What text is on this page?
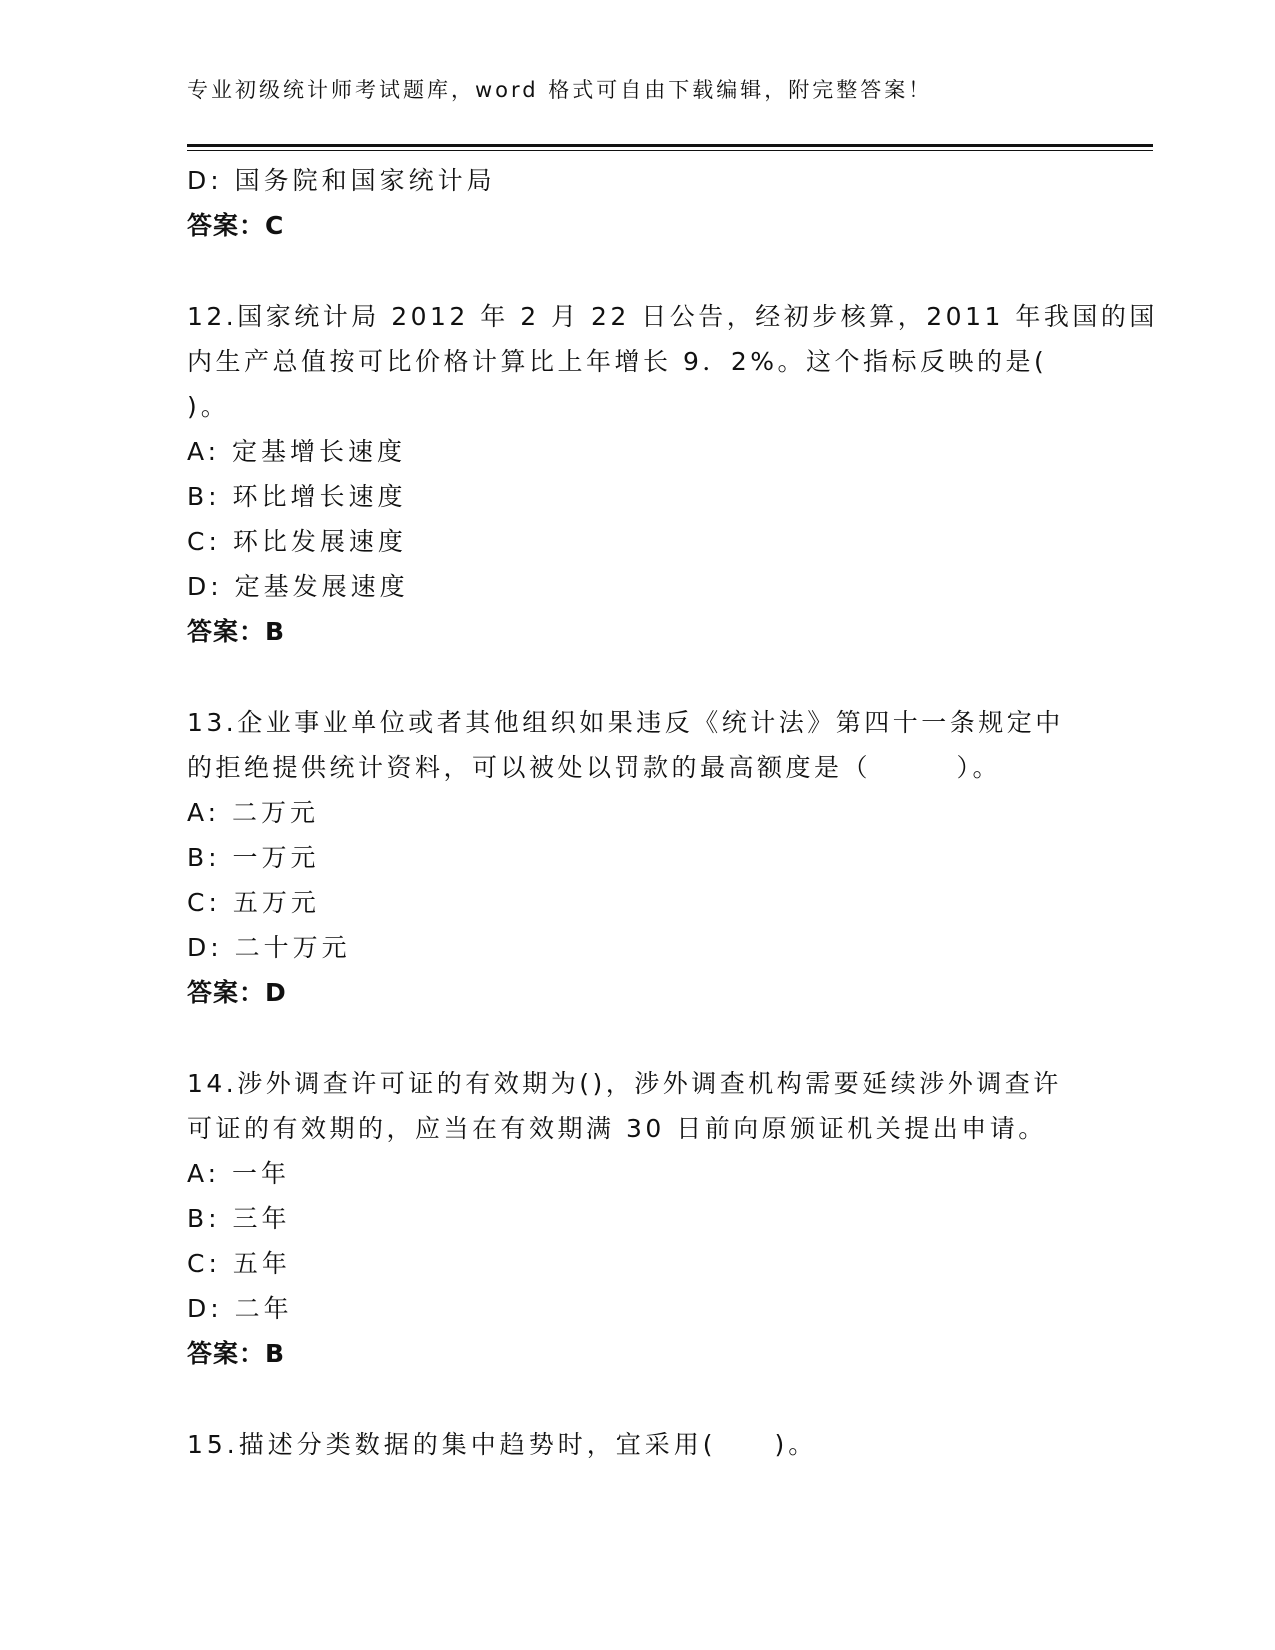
专业初级统计师考试题库，word 格式可自由下载编辑，附完整答案！
D: 国务院和国家统计局
答案：C
12.国家统计局 2012 年 2 月 22 日公告，经初步核算，2011 年我国的国
内生产总值按可比价格计算比上年增长 9．2%。这个指标反映的是(
)。
A: 定基增长速度
B: 环比增长速度
C: 环比发展速度
D: 定基发展速度
答案：B
13.企业事业单位或者其他组织如果违反《统计法》第四十一条规定中
的拒绝提供统计资料，可以被处以罚款的最高额度是（　　　）。
A: 二万元
B: 一万元
C: 五万元
D: 二十万元
答案：D
14.涉外调查许可证的有效期为()，涉外调查机构需要延续涉外调查许
可证的有效期的，应当在有效期满 30 日前向原颁证机关提出申请。
A: 一年
B: 三年
C: 五年
D: 二年
答案：B
15.描述分类数据的集中趋势时，宜采用(　　)。
